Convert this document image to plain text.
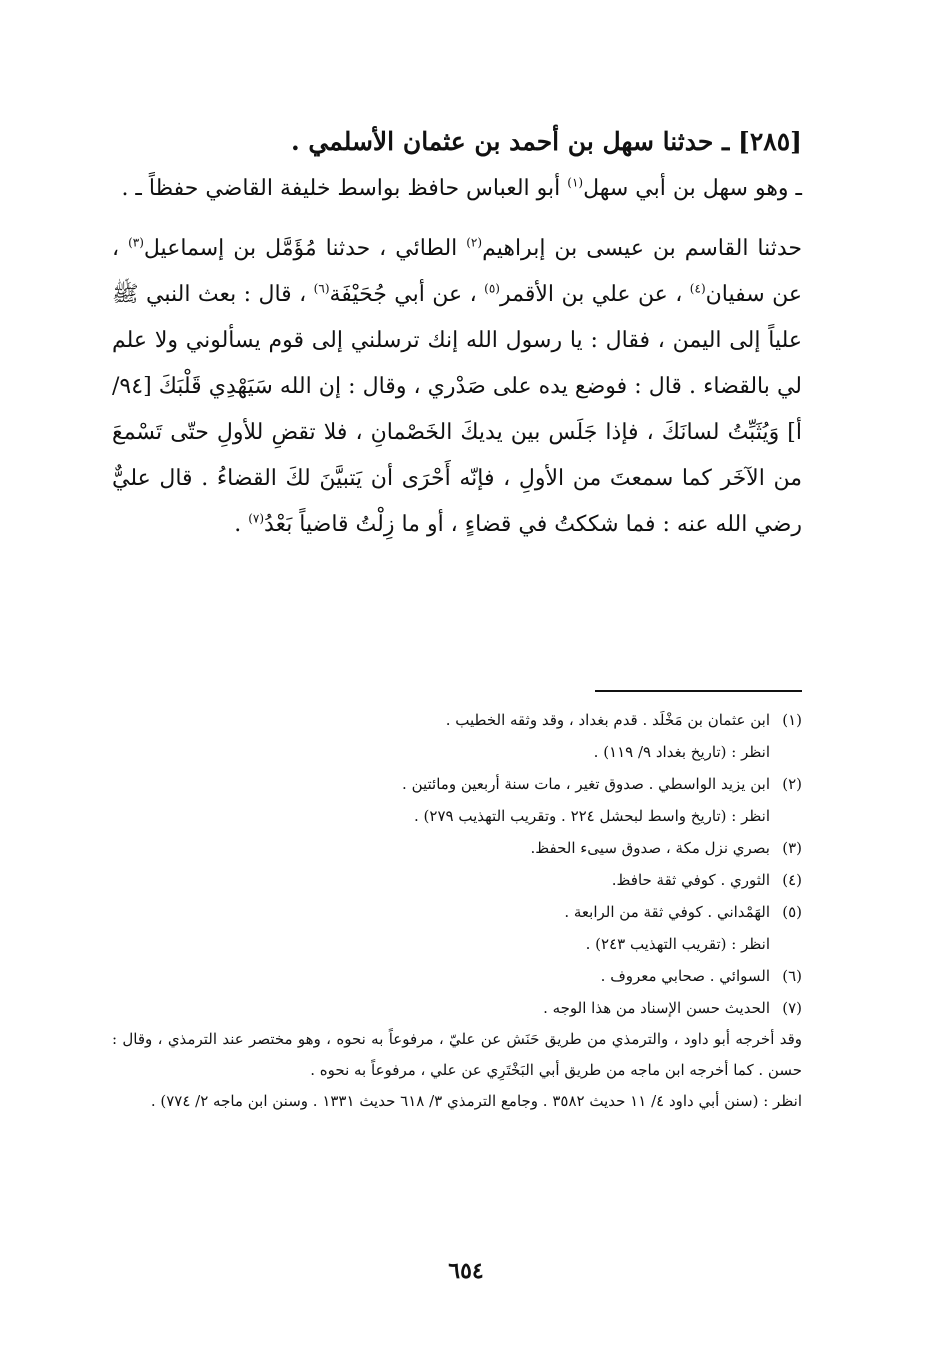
[٢٨٥] ـ حدثنا سهل بن أحمد بن عثمان الأسلمي .

ـ وهو سهل بن أبي سهل$^{(١)}$ أبو العباس حافظ بواسط خليفة القاضي حفظاً ـ .

حدثنا القاسم بن عيسى بن إبراهيم$^{(٢)}$ الطائي ، حدثنا مُؤَمَّل بن إسماعيل$^{(٣)}$ ، عن سفيان$^{(٤)}$ ، عن علي بن الأقمر$^{(٥)}$ ، عن أبي جُحَيْفَة$^{(٦)}$ ، قال : بعث النبي ﷺ علياً إلى اليمن ، فقال : يا رسول الله إنك ترسلني إلى قوم يسألوني ولا علم لي بالقضاء . قال : فوضع يده على صَدْري ، وقال : إن الله سَيَهْدِي قَلْبَكَ [٩٤/ أ] وَيُثَبِّتُ لسانَكَ ، فإذا جَلَس بين يديكَ الخَصْمانِ ، فلا تقضِ للأولِ حتّى تَسْمعَ من الآخَر كما سمعتَ من الأولِ ، فإنّه أَحْرَى أن يَتبيَّنَ لكَ القضاءُ . قال عليٌّ رضي الله عنه : فما شككتُ في قضاءٍ ، أو ما زِلْتُ قاضياً بَعْدُ$^{(٧)}$ .

(١)
ابن عثمان بن مَخْلَد . قدم بغداد ، وقد وثقه الخطيب .
انظر : (تاريخ بغداد ٩/ ١١٩) .
(٢)
ابن يزيد الواسطي . صدوق تغير ، مات سنة أربعين ومائتين .
انظر : (تاريخ واسط لبحشل ٢٢٤ . وتقريب التهذيب ٢٧٩) .
(٣)
بصري نزل مكة ، صدوق سيىء الحفظ.
(٤)
الثوري . كوفي ثقة حافظ.
(٥)
الهَمْداني . كوفي ثقة من الرابعة .
انظر : (تقريب التهذيب ٢٤٣) .
(٦)
السوائي . صحابي معروف .
(٧)
الحديث حسن الإسناد من هذا الوجه .
وقد أخرجه أبو داود ، والترمذي من طريق حَنَش عن عليّ ، مرفوعاً به نحوه ، وهو مختصر عند الترمذي ، وقال : حسن . كما أخرجه ابن ماجه من طريق أبي البَخْتَرِي عن علي ، مرفوعاً به نحوه .
انظر : (سنن أبي داود ٤/ ١١ حديث ٣٥٨٢ . وجامع الترمذي ٣/ ٦١٨ حديث ١٣٣١ . وسنن ابن ماجه ٢/ ٧٧٤) .
٦٥٤
